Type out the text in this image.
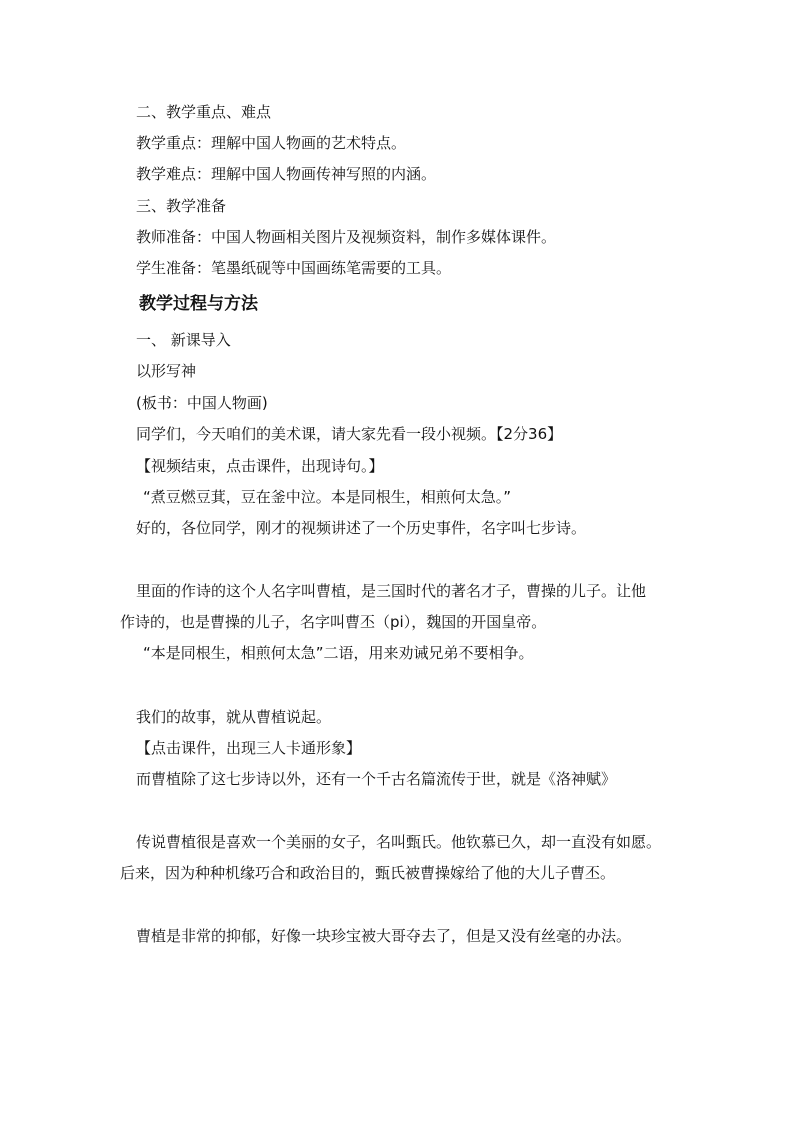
二、教学重点、难点
教学重点：理解中国人物画的艺术特点。
教学难点：理解中国人物画传神写照的内涵。
三、教学准备
教师准备：中国人物画相关图片及视频资料，制作多媒体课件。
学生准备：笔墨纸砚等中国画练笔需要的工具。
教学过程与方法
一、 新课导入
以形写神
(板书：中国人物画)
同学们，今天咱们的美术课，请大家先看一段小视频。【2分36】
【视频结束，点击课件，出现诗句。】
“煮豆燃豆萁，豆在釜中泣。本是同根生，相煎何太急。”
好的，各位同学，刚才的视频讲述了一个历史事件，名字叫七步诗。
里面的作诗的这个人名字叫曹植，是三国时代的著名才子，曹操的儿子。让他
作诗的，也是曹操的儿子，名字叫曹丕（pi），魏国的开国皇帝。
“本是同根生，相煎何太急”二语，用来劝诫兄弟不要相争。
我们的故事，就从曹植说起。
【点击课件，出现三人卡通形象】
而曹植除了这七步诗以外，还有一个千古名篇流传于世，就是《洛神赋》
传说曹植很是喜欢一个美丽的女子，名叫甄氏。他钦慕已久，却一直没有如愿。
后来，因为种种机缘巧合和政治目的，甄氏被曹操嫁给了他的大儿子曹丕。
曹植是非常的抑郁，好像一块珍宝被大哥夺去了，但是又没有丝毫的办法。
